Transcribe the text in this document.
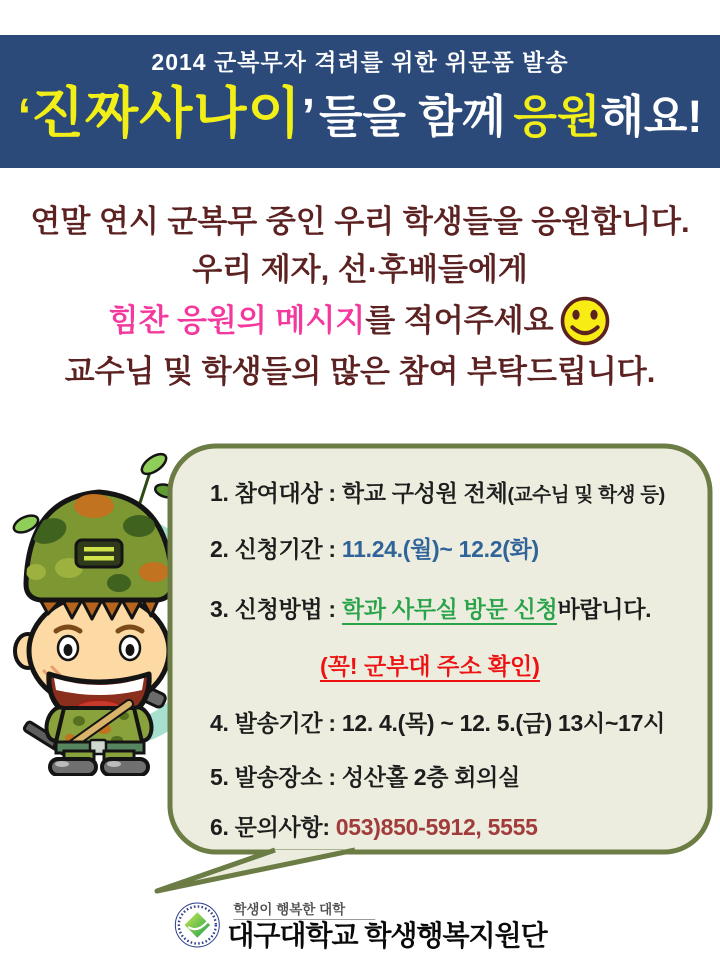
2014 군복무자 격려를 위한 위문품 발송
‘진짜사나이’들을 함께 응원해요!
연말 연시 군복무 중인 우리 학생들을 응원합니다.
우리 제자, 선·후배들에게
힘찬 응원의 메시지 를 적어주세요
교수님 및 학생들의 많은 참여 부탁드립니다.
1. 참여대상 : 학교 구성원 전체(교수님 및 학생 등)
2. 신청기간 : 11.24.(월)~ 12.2(화)
3. 신청방법 : 학과 사무실 방문 신청바랍니다.
(꼭! 군부대 주소 확인)
4. 발송기간 : 12. 4.(목) ~ 12. 5.(금) 13시~17시
5. 발송장소 : 성산홀 2층 회의실
6. 문의사항: 053)850-5912, 5555
학생이 행복한 대학
대구대학교 학생행복지원단
